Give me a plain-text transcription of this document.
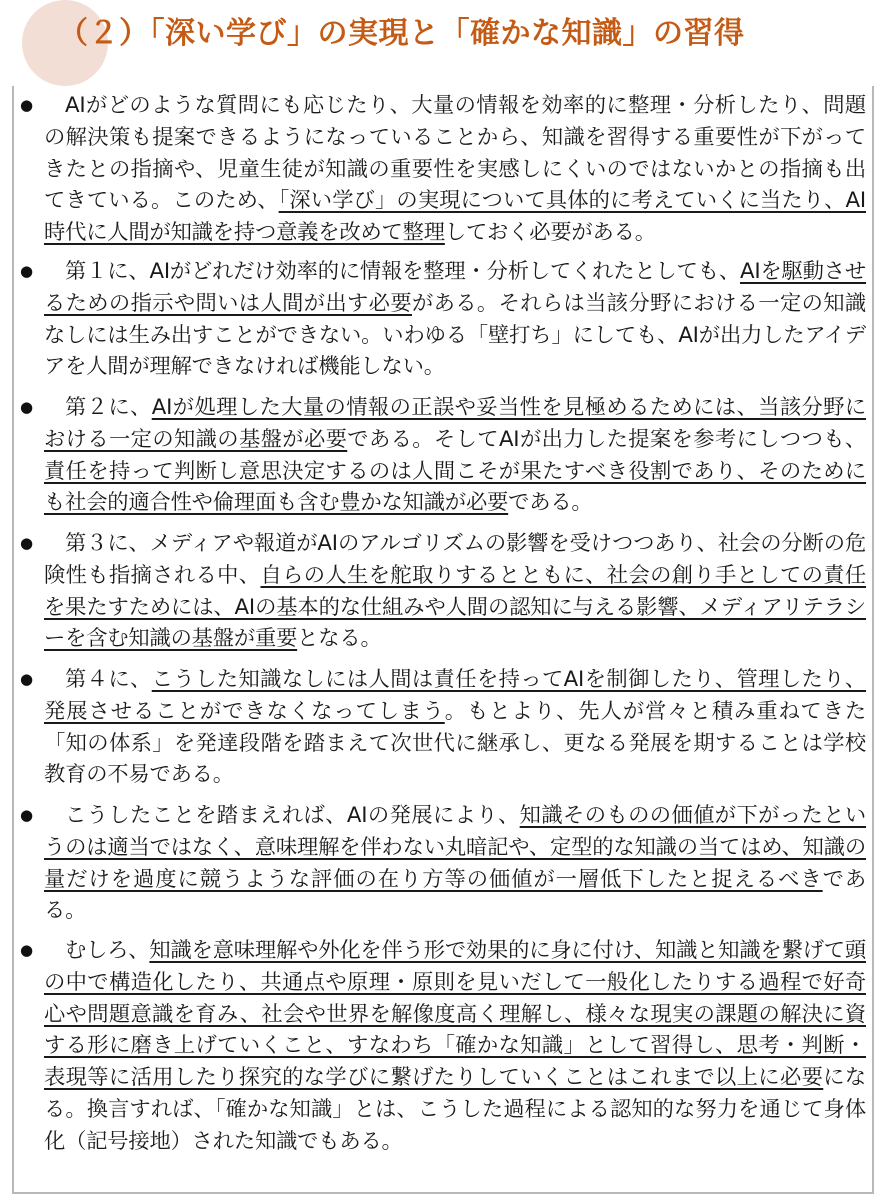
（２）「深い学び」の実現と「確かな知識」の習得
●	AIがどのような質問にも応じたり、大量の情報を効率的に整理・分析したり、問題の解決策も提案できるようになっていることから、知識を習得する重要性が下がってきたとの指摘や、児童生徒が知識の重要性を実感しにくいのではないかとの指摘も出てきている。このため、「深い学び」の実現について具体的に考えていくに当たり、AI時代に人間が知識を持つ意義を改めて整理しておく必要がある。
●	第１に、AIがどれだけ効率的に情報を整理・分析してくれたとしても、AIを駆動させるための指示や問いは人間が出す必要がある。それらは当該分野における一定の知識なしには生み出すことができない。いわゆる「壁打ち」にしても、AIが出力したアイデアを人間が理解できなければ機能しない。
●	第２に、AIが処理した大量の情報の正誤や妥当性を見極めるためには、当該分野における一定の知識の基盤が必要である。そしてAIが出力した提案を参考にしつつも、責任を持って判断し意思決定するのは人間こそが果たすべき役割であり、そのためにも社会的適合性や倫理面も含む豊かな知識が必要である。
●	第３に、メディアや報道がAIのアルゴリズムの影響を受けつつあり、社会の分断の危険性も指摘される中、自らの人生を舵取りするとともに、社会の創り手としての責任を果たすためには、AIの基本的な仕組みや人間の認知に与える影響、メディアリテラシーを含む知識の基盤が重要となる。
●	第４に、こうした知識なしには人間は責任を持ってAIを制御したり、管理したり、発展させることができなくなってしまう。もとより、先人が営々と積み重ねてきた「知の体系」を発達段階を踏まえて次世代に継承し、更なる発展を期することは学校教育の不易である。
●	こうしたことを踏まえれば、AIの発展により、知識そのものの価値が下がったというのは適当ではなく、意味理解を伴わない丸暗記や、定型的な知識の当てはめ、知識の量だけを過度に競うような評価の在り方等の価値が一層低下したと捉えるべきである。
●	むしろ、知識を意味理解や外化を伴う形で効果的に身に付け、知識と知識を繋げて頭の中で構造化したり、共通点や原理・原則を見いだして一般化したりする過程で好奇心や問題意識を育み、社会や世界を解像度高く理解し、様々な現実の課題の解決に資する形に磨き上げていくこと、すなわち「確かな知識」として習得し、思考・判断・表現等に活用したり探究的な学びに繋げたりしていくことはこれまで以上に必要になる。換言すれば、「確かな知識」とは、こうした過程による認知的な努力を通じて身体化（記号接地）された知識でもある。
